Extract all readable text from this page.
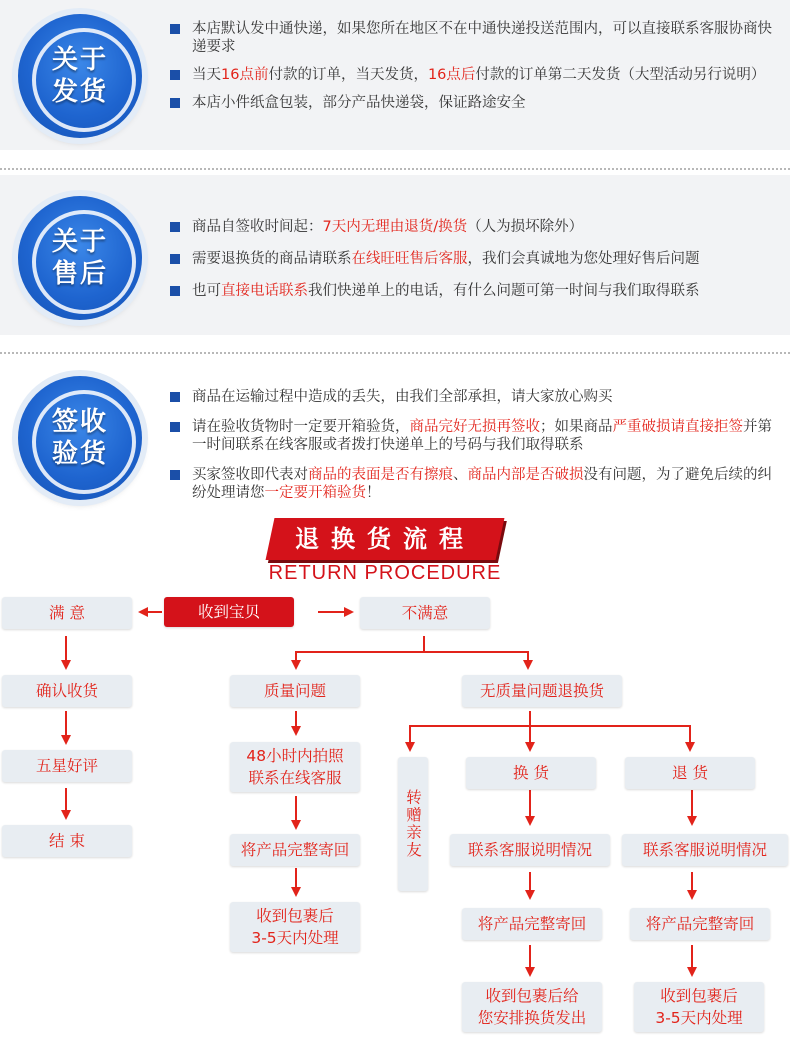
关于
发货
关于
售后
签收
验货
本店默认发中通快递，如果您所在地区不在中通快递投送范围内，可以直接联系客服协商快递要求
当天16点前付款的订单，当天发货，16点后付款的订单第二天发货（大型活动另行说明）
本店小件纸盒包装，部分产品快递袋，保证路途安全
商品自签收时间起：7天内无理由退货/换货（人为损坏除外）
需要退换货的商品请联系在线旺旺售后客服，我们会真诚地为您处理好售后问题
也可直接电话联系我们快递单上的电话，有什么问题可第一时间与我们取得联系
商品在运输过程中造成的丢失，由我们全部承担，请大家放心购买
请在验收货物时一定要开箱验货，商品完好无损再签收；如果商品严重破损请直接拒签并第一时间联系在线客服或者拨打快递单上的号码与我们取得联系
买家签收即代表对商品的表面是否有擦痕、商品内部是否破损没有问题，为了避免后续的纠纷处理请您一定要开箱验货！
退换货流程
RETURN PROCEDURE
收到宝贝
满 意	不满意
确认收货
五星好评
结 束
质量问题
48小时内拍照
联系在线客服
将产品完整寄回
收到包裹后
3-5天内处理
无质量问题退换货
转赠亲友
换 货
联系客服说明情况
将产品完整寄回
收到包裹后给
您安排换货发出
退 货
联系客服说明情况
将产品完整寄回
收到包裹后
3-5天内处理
